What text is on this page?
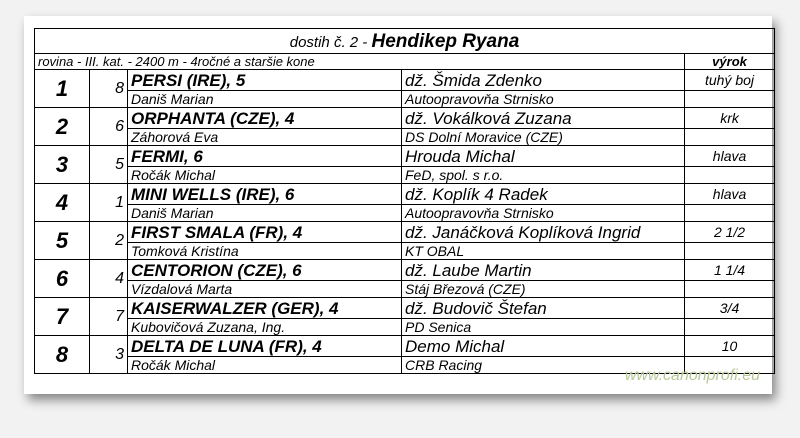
dostih č. 2 - Hendikep Ryana				
rovina - III. kat. - 2400 m - 4ročné a staršie kone				výrok
1	8	PERSI (IRE), 5	dž. Šmida Zdenko	tuhý boj
		Daniš Marian	Autoopravovňa Strnisko	
2	6	ORPHANTA (CZE), 4	dž. Vokálková Zuzana	krk
		Záhorová Eva	DS Dolní Moravice (CZE)	
3	5	FERMI, 6	Hrouda Michal	hlava
		Ročák Michal	FeD, spol. s r.o.	
4	1	MINI WELLS (IRE), 6	dž. Koplík 4 Radek	hlava
		Daniš Marian	Autoopravovňa Strnisko	
5	2	FIRST SMALA (FR), 4	dž. Janáčková Koplíková Ingrid	2 1/2
		Tomková Kristína	KT OBAL	
6	4	CENTORION (CZE), 6	dž. Laube Martin	1 1/4
		Vízdalová Marta	Stáj Březová (CZE)	
7	7	KAISERWALZER (GER), 4	dž. Budovič Štefan	3/4
		Kubovičová Zuzana, Ing.	PD Senica	
8	3	DELTA DE LUNA (FR), 4	Demo Michal	10
		Ročák Michal	CRB Racing	
www.canonprofi.eu
